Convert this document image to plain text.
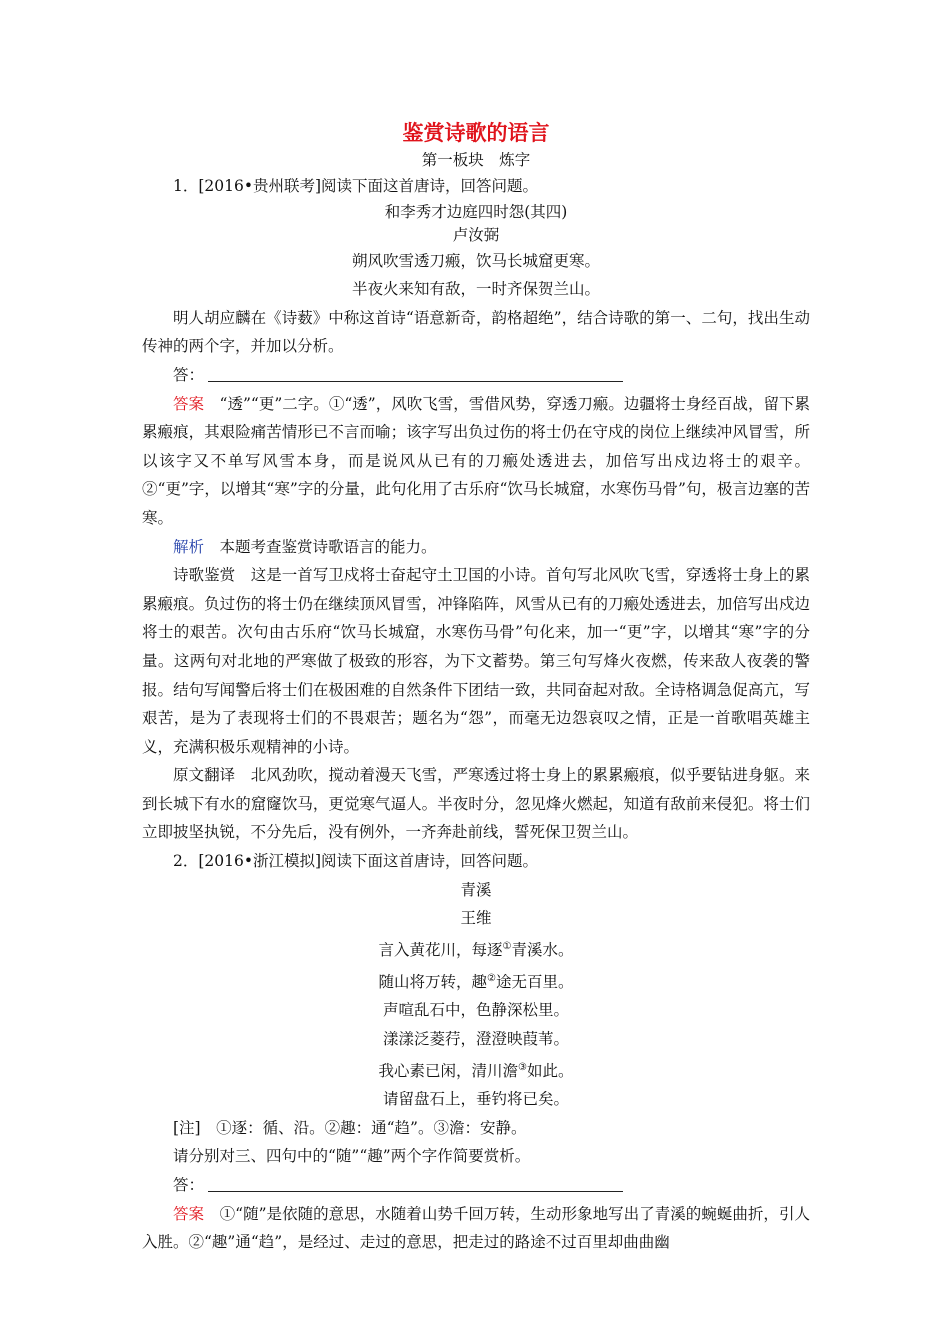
鉴赏诗歌的语言
第一板块　炼字
1．[2016•贵州联考]阅读下面这首唐诗，回答问题。
和李秀才边庭四时怨(其四)
卢汝弼
朔风吹雪透刀瘢，饮马长城窟更寒。
半夜火来知有敌，一时齐保贺兰山。
明人胡应麟在《诗薮》中称这首诗“语意新奇，韵格超绝”，结合诗歌的第一、二句，找出生动传神的两个字，并加以分析。
答：
答案　 “透”“更”二字。①“透”，风吹飞雪，雪借风势，穿透刀瘢。边疆将士身经百战，留下累累瘢痕，其艰险痛苦情形已不言而喻；该字写出负过伤的将士仍在守戍的岗位上继续冲风冒雪，所以该字又不单写风雪本身，而是说风从已有的刀瘢处透进去，加倍写出戍边将士的艰辛。②“更”字，以增其“寒”字的分量，此句化用了古乐府“饮马长城窟，水寒伤马骨”句，极言边塞的苦寒。
解析　 本题考查鉴赏诗歌语言的能力。
诗歌鉴赏　 这是一首写卫戍将士奋起守土卫国的小诗。首句写北风吹飞雪，穿透将士身上的累累瘢痕。负过伤的将士仍在继续顶风冒雪，冲锋陷阵，风雪从已有的刀瘢处透进去，加倍写出戍边将士的艰苦。次句由古乐府“饮马长城窟，水寒伤马骨”句化来，加一“更”字，以增其“寒”字的分量。这两句对北地的严寒做了极致的形容，为下文蓄势。第三句写烽火夜燃，传来敌人夜袭的警报。结句写闻警后将士们在极困难的自然条件下团结一致，共同奋起对敌。全诗格调急促高亢，写艰苦，是为了表现将士们的不畏艰苦；题名为“怨”，而毫无边怨哀叹之情，正是一首歌唱英雄主义，充满积极乐观精神的小诗。
原文翻译　 北风劲吹，搅动着漫天飞雪，严寒透过将士身上的累累瘢痕，似乎要钻进身躯。来到长城下有水的窟窿饮马，更觉寒气逼人。半夜时分，忽见烽火燃起，知道有敌前来侵犯。将士们立即披坚执锐，不分先后，没有例外，一齐奔赴前线，誓死保卫贺兰山。
2．[2016•浙江模拟]阅读下面这首唐诗，回答问题。
青溪
王维
言入黄花川，每逐①青溪水。
随山将万转，趣②途无百里。
声喧乱石中，色静深松里。
漾漾泛菱荇，澄澄映葭苇。
我心素已闲，清川澹③如此。
请留盘石上，垂钓将已矣。
[注]　①逐：循、沿。②趣：通“趋”。③澹：安静。
请分别对三、四句中的“随”“趣”两个字作简要赏析。
答：
答案　 ①“随”是依随的意思，水随着山势千回万转，生动形象地写出了青溪的蜿蜒曲折，引人入胜。②“趣”通“趋”，是经过、走过的意思，把走过的路途不过百里却曲曲幽
